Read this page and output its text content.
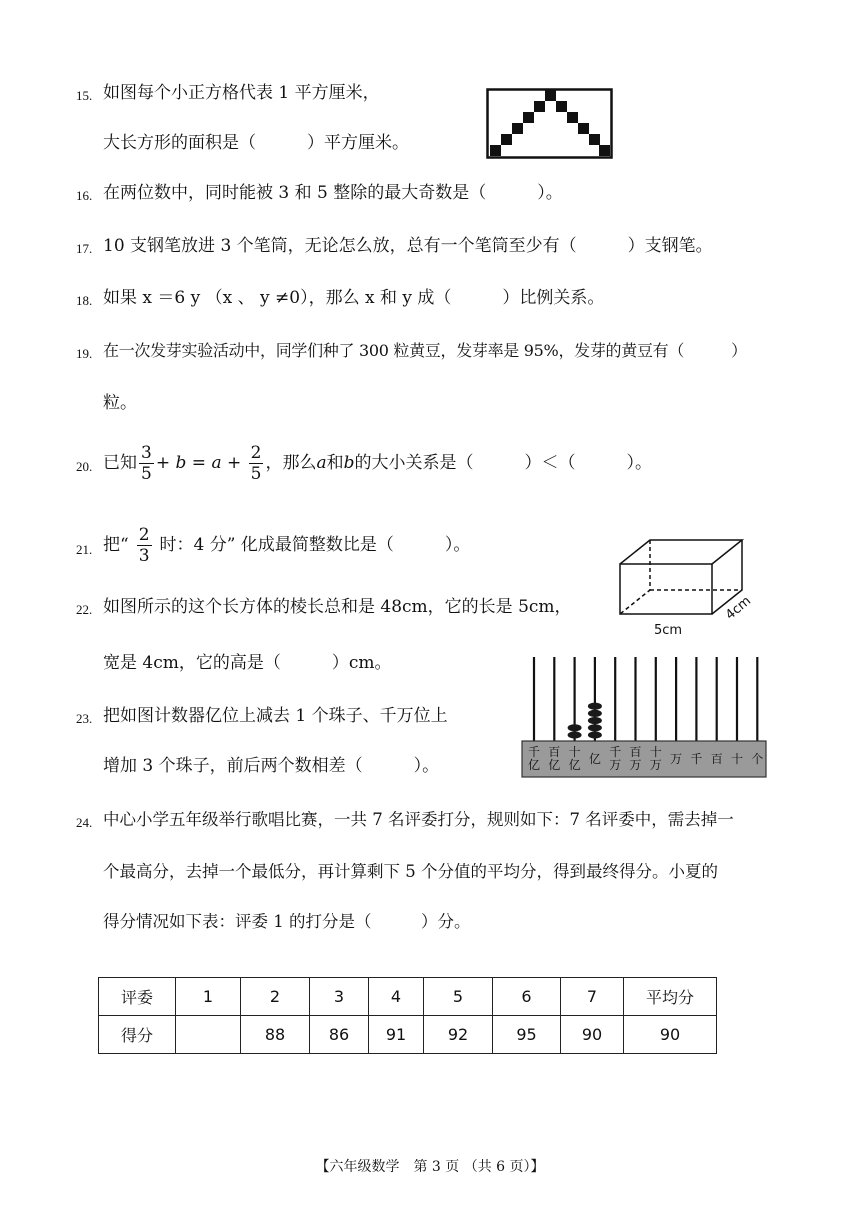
15. 如图每个小正方格代表 1 平方厘米，
大长方形的面积是（　　　）平方厘米。
16. 在两位数中，同时能被 3 和 5 整除的最大奇数是（　　　）。
17. 10 支钢笔放进 3 个笔筒，无论怎么放，总有一个笔筒至少有（　　　）支钢笔。
18. 如果 x ＝6 y （x 、 y ≠0），那么 x 和 y 成（　　　）比例关系。
19. 在一次发芽实验活动中，同学们种了 300 粒黄豆，发芽率是 95%，发芽的黄豆有（　　　）
粒。
20. 已知 $\frac{3}{5} + b = a + \frac{2}{5}$ ，那么a和b的大小关系是（　　　）＜（　　　）。
21. 把“ $\frac{2}{3}$ 时：4 分” 化成最简整数比是（　　　）。
5cm
4cm
22. 如图所示的这个长方体的棱长总和是 48cm，它的长是 5cm，
宽是 4cm，它的高是（　　　）cm。
千
亿
百
亿
十
亿 亿 千
万
百
万
十
万 万 千 百 十 个
23. 把如图计数器亿位上减去 1 个珠子、千万位上
增加 3 个珠子，前后两个数相差（　　　）。
24. 中心小学五年级举行歌唱比赛，一共 7 名评委打分，规则如下：7 名评委中，需去掉一
个最高分，去掉一个最低分，再计算剩下 5 个分值的平均分，得到最终得分。小夏的
得分情况如下表：评委 1 的打分是（　　　）分。
评委	1	2	3	4	5	6	7	平均分
得分		88	86	91	92	95	90	90
【六年级数学　第 3 页 （共 6 页）】
